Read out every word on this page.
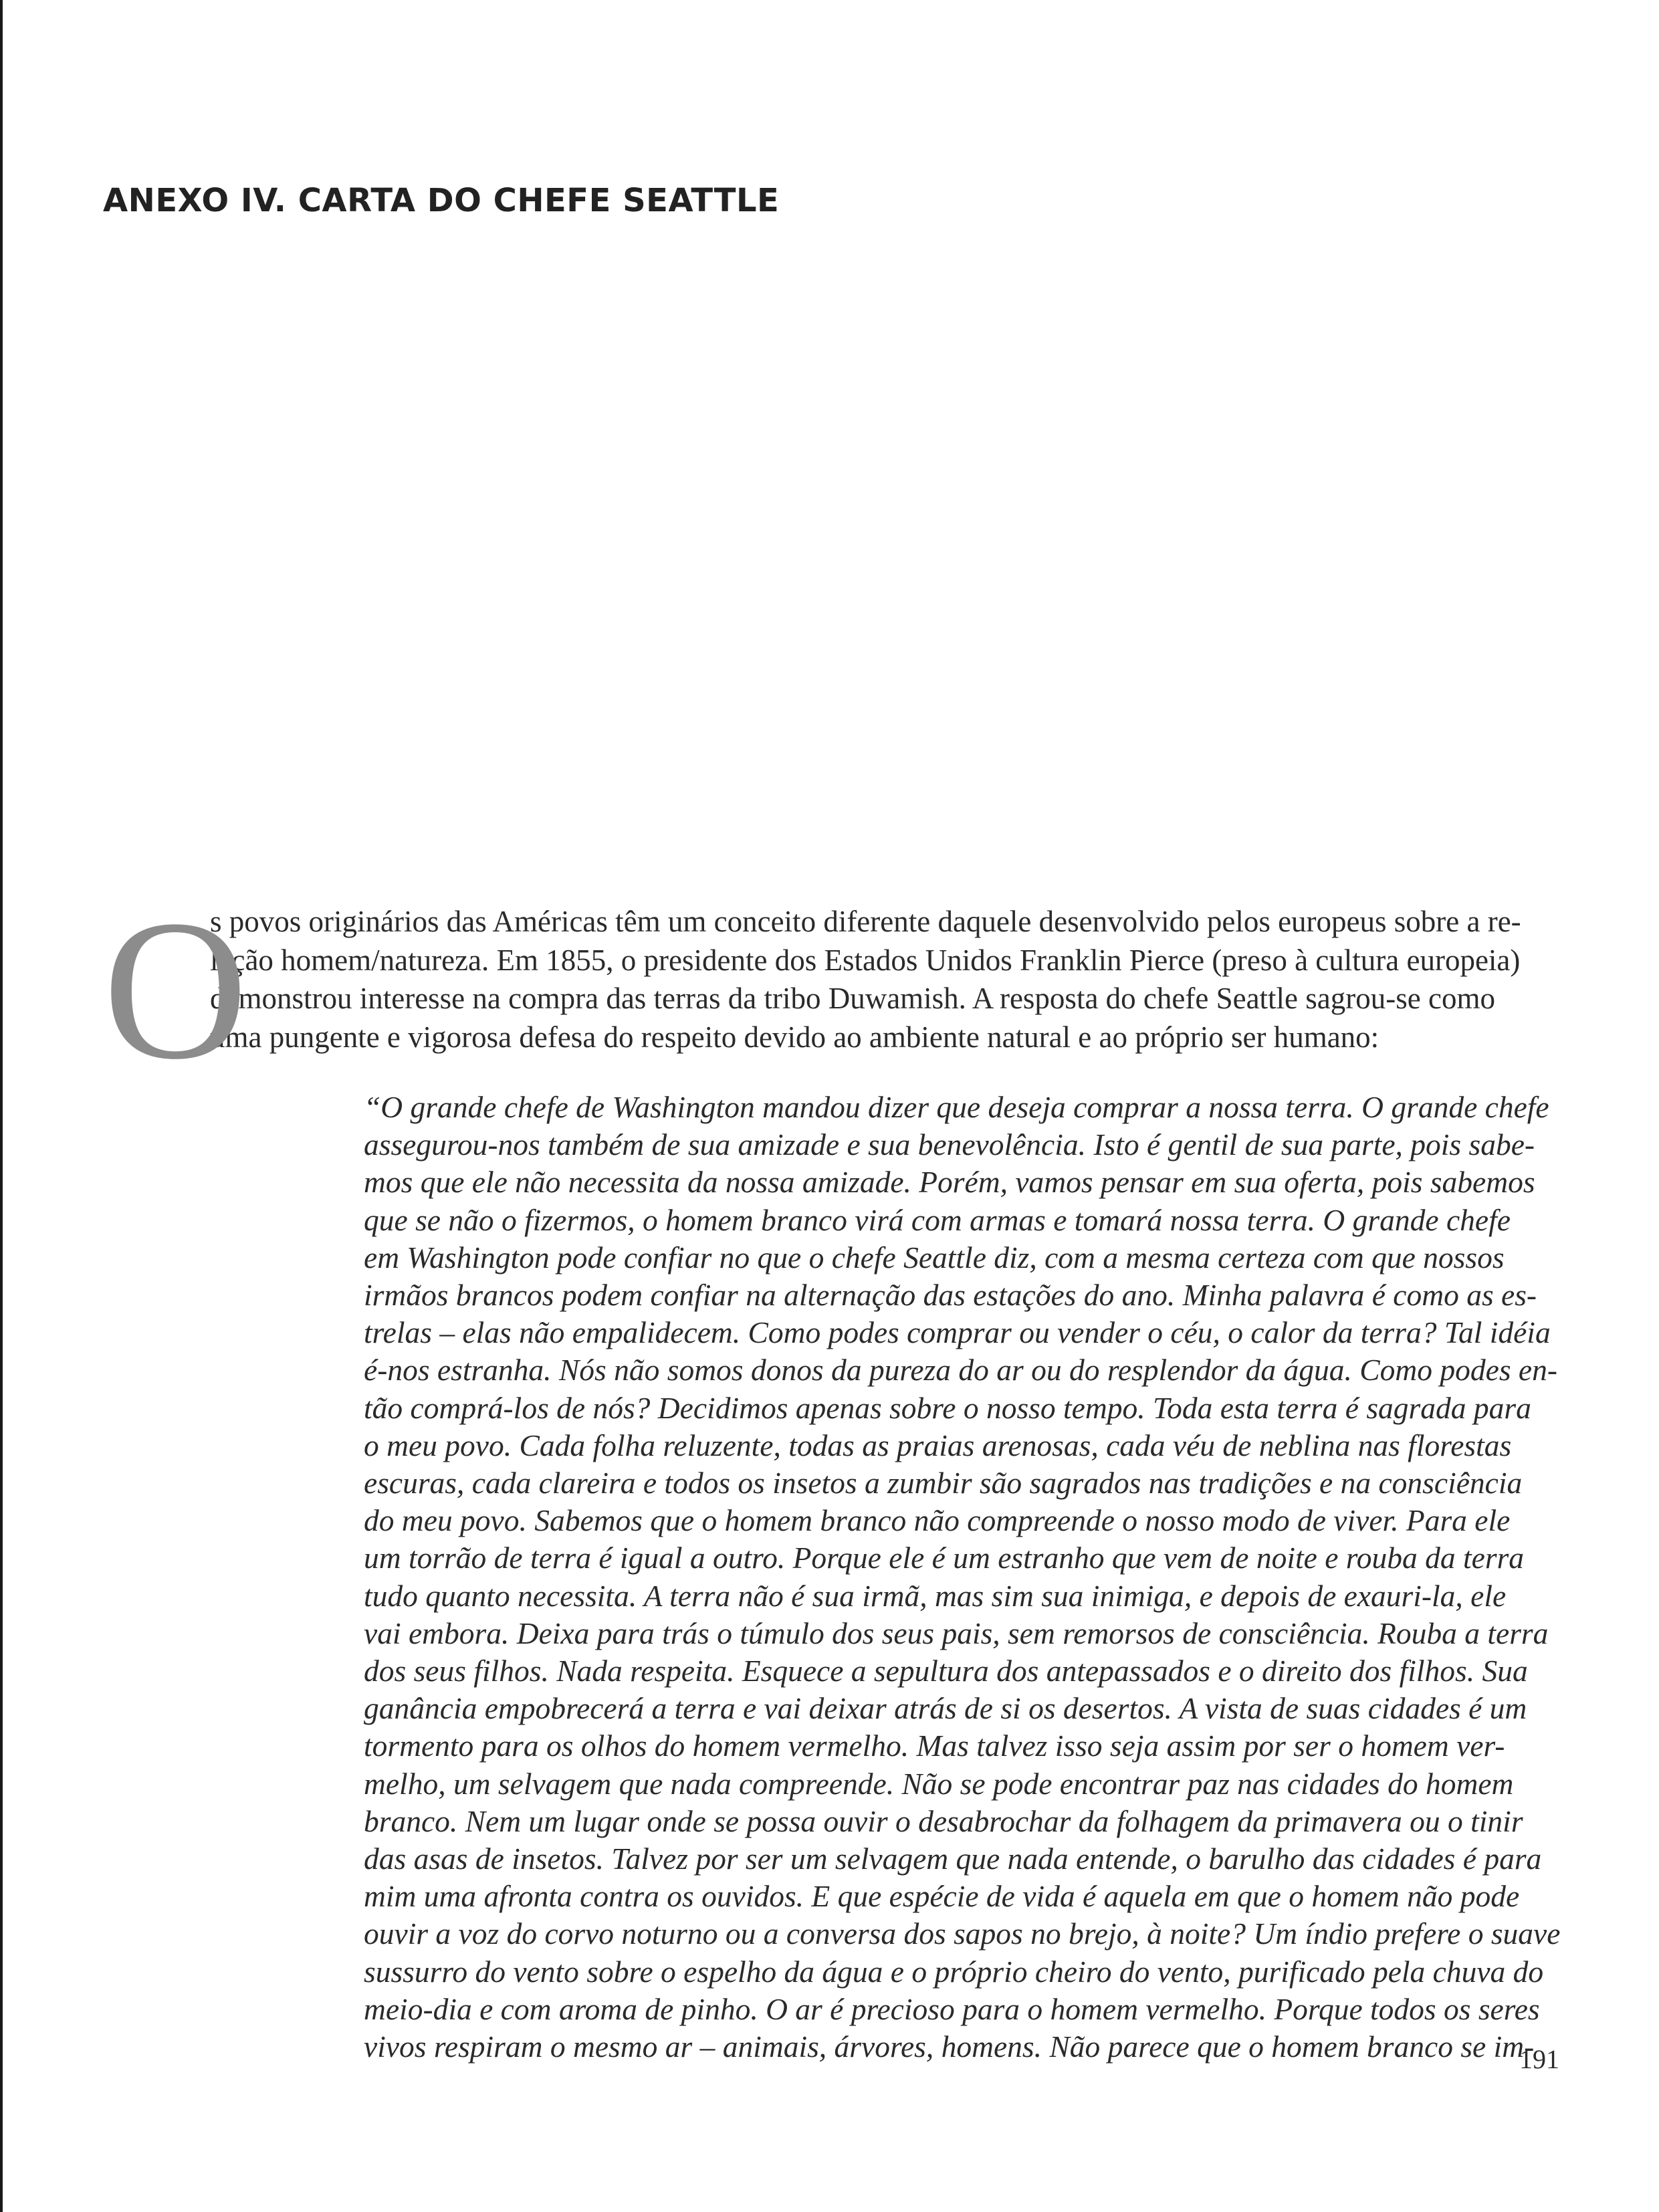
ANEXO IV. CARTA DO CHEFE SEATTLE
O
s povos originários das Américas têm um conceito diferente daquele desenvolvido pelos europeus sobre a re-
lação homem/natureza. Em 1855, o presidente dos Estados Unidos Franklin Pierce (preso à cultura europeia)
demonstrou interesse na compra das terras da tribo Duwamish. A resposta do chefe Seattle sagrou-se como
uma pungente e vigorosa defesa do respeito devido ao ambiente natural e ao próprio ser humano:
“O grande chefe de Washington mandou dizer que deseja comprar a nossa terra. O grande chefe
assegurou-nos também de sua amizade e sua benevolência. Isto é gentil de sua parte, pois sabe-
mos que ele não necessita da nossa amizade. Porém, vamos pensar em sua oferta, pois sabemos
que se não o fizermos, o homem branco virá com armas e tomará nossa terra. O grande chefe
em Washington pode confiar no que o chefe Seattle diz, com a mesma certeza com que nossos
irmãos brancos podem confiar na alternação das estações do ano. Minha palavra é como as es-
trelas – elas não empalidecem. Como podes comprar ou vender o céu, o calor da terra? Tal idéia
é-nos estranha. Nós não somos donos da pureza do ar ou do resplendor da água. Como podes en-
tão comprá-los de nós? Decidimos apenas sobre o nosso tempo. Toda esta terra é sagrada para
o meu povo. Cada folha reluzente, todas as praias arenosas, cada véu de neblina nas florestas
escuras, cada clareira e todos os insetos a zumbir são sagrados nas tradições e na consciência
do meu povo. Sabemos que o homem branco não compreende o nosso modo de viver. Para ele
um torrão de terra é igual a outro. Porque ele é um estranho que vem de noite e rouba da terra
tudo quanto necessita. A terra não é sua irmã, mas sim sua inimiga, e depois de exauri-la, ele
vai embora. Deixa para trás o túmulo dos seus pais, sem remorsos de consciência. Rouba a terra
dos seus filhos. Nada respeita. Esquece a sepultura dos antepassados e o direito dos filhos. Sua
ganância empobrecerá a terra e vai deixar atrás de si os desertos. A vista de suas cidades é um
tormento para os olhos do homem vermelho. Mas talvez isso seja assim por ser o homem ver-
melho, um selvagem que nada compreende. Não se pode encontrar paz nas cidades do homem
branco. Nem um lugar onde se possa ouvir o desabrochar da folhagem da primavera ou o tinir
das asas de insetos. Talvez por ser um selvagem que nada entende, o barulho das cidades é para
mim uma afronta contra os ouvidos. E que espécie de vida é aquela em que o homem não pode
ouvir a voz do corvo noturno ou a conversa dos sapos no brejo, à noite? Um índio prefere o suave
sussurro do vento sobre o espelho da água e o próprio cheiro do vento, purificado pela chuva do
meio-dia e com aroma de pinho. O ar é precioso para o homem vermelho. Porque todos os seres
vivos respiram o mesmo ar – animais, árvores, homens. Não parece que o homem branco se im-
191
